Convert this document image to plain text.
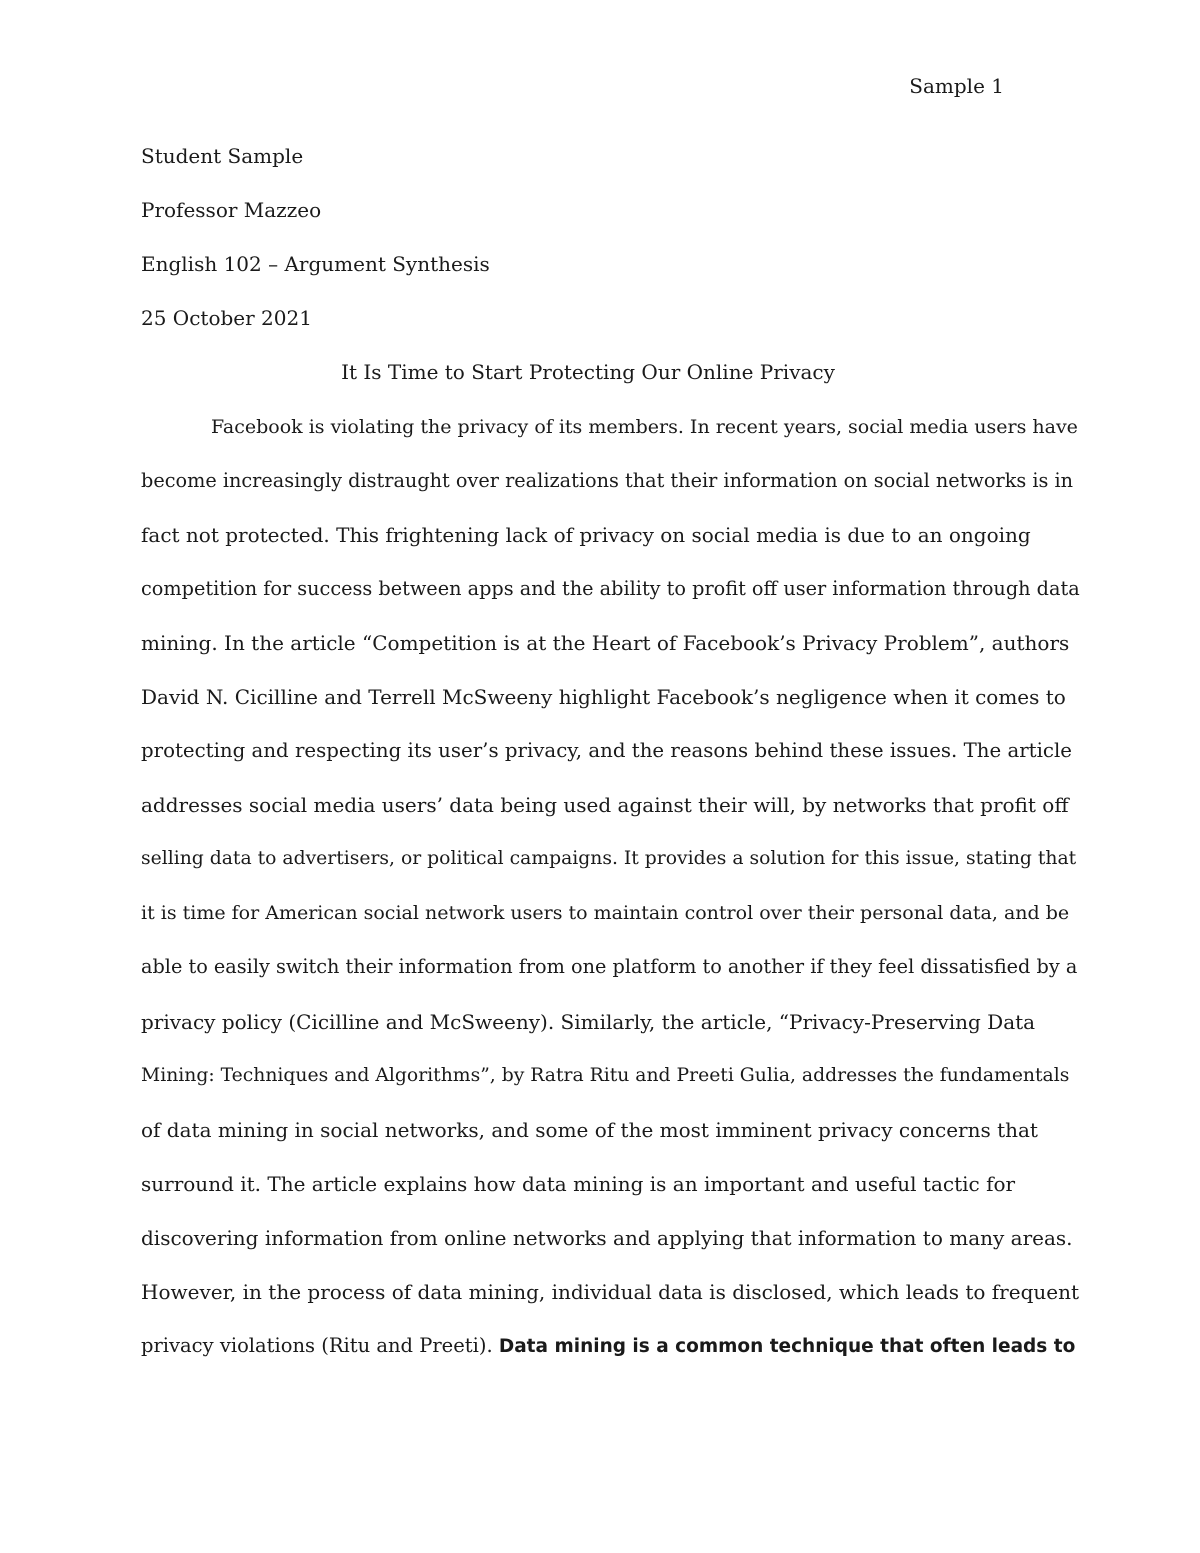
Sample 1
Student Sample
Professor Mazzeo
English 102 – Argument Synthesis
25 October 2021
It Is Time to Start Protecting Our Online Privacy
Facebook is violating the privacy of its members. In recent years, social media users have
become increasingly distraught over realizations that their information on social networks is in
fact not protected. This frightening lack of privacy on social media is due to an ongoing
competition for success between apps and the ability to profit off user information through data
mining. In the article “Competition is at the Heart of Facebook’s Privacy Problem”, authors
David N. Cicilline and Terrell McSweeny highlight Facebook’s negligence when it comes to
protecting and respecting its user’s privacy, and the reasons behind these issues. The article
addresses social media users’ data being used against their will, by networks that profit off
selling data to advertisers, or political campaigns. It provides a solution for this issue, stating that
it is time for American social network users to maintain control over their personal data, and be
able to easily switch their information from one platform to another if they feel dissatisfied by a
privacy policy (Cicilline and McSweeny). Similarly, the article, “Privacy-Preserving Data
Mining: Techniques and Algorithms”, by Ratra Ritu and Preeti Gulia, addresses the fundamentals
of data mining in social networks, and some of the most imminent privacy concerns that
surround it. The article explains how data mining is an important and useful tactic for
discovering information from online networks and applying that information to many areas.
However, in the process of data mining, individual data is disclosed, which leads to frequent
privacy violations (Ritu and Preeti). Data mining is a common technique that often leads to
